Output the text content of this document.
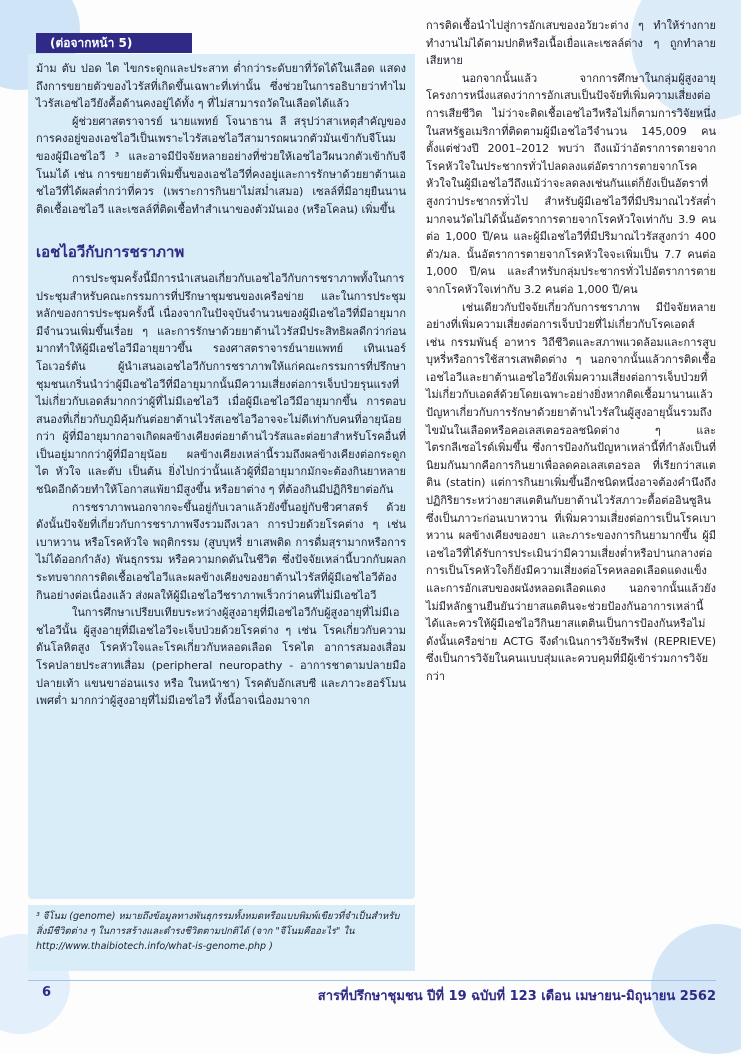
(ต่อจากหน้า 5)

ม้าม ตับ ปอด ไต ไขกระดูกและประสาท ต่ำกว่าระดับยาที่วัดได้ในเลือด แสดงถึงการขยายตัวของไวรัสที่เกิดขึ้นเฉพาะที่เท่านั้น ซึ่งช่วยในการอธิบายว่าทำไมไวรัสเอชไอวียังคื้อด้านคงอยู่ได้ทั้ง ๆ ที่ไม่สามารถวัดในเลือดได้แล้ว

ผู้ช่วยศาสตราจารย์ นายแพทย์ โจนาธาน ลี สรุปว่าสาเหตุสำคัญของการคงอยู่ของเอชไอวีเป็นเพราะไวรัสเอชไอวีสามารถผนวกตัวมันเข้ากับจีโนมของผู้มีเอชไอวี ³ และอาจมีปัจจัยหลายอย่างที่ช่วยให้เอชไอวีผนวกตัวเข้ากับจีโนมได้ เช่น การขยายตัวเพิ่มขึ้นของเอชไอวีที่คงอยู่และการรักษาด้วยยาต้านเอชไอวีที่ได้ผลต่ำกว่าที่ควร (เพราะการกินยาไม่สม่ำเสมอ) เซลล์ที่มีอายุยืนนานติดเชื้อเอชไอวี และเซลล์ที่ติดเชื้อทำสำเนาของตัวมันเอง (หรือโคลน) เพิ่มขึ้น

เอชไอวีกับการชราภาพ

การประชุมครั้งนี้มีการนำเสนอเกี่ยวกับเอชไอวีกับการชราภาพทั้งในการประชุมสำหรับคณะกรรมการที่ปรึกษาชุมชนของเครือข่าย และในการประชุมหลักของการประชุมครั้งนี้ เนื่องจากในปัจจุบันจำนวนของผู้มีเอชไอวีที่มีอายุมากมีจำนวนเพิ่มขึ้นเรื่อย ๆ และการรักษาด้วยยาต้านไวรัสมีประสิทธิผลดีกว่าก่อนมากทำให้ผู้มีเอชไอวีมีอายุยาวขึ้น รองศาสตราจารย์นายแพทย์ เทินเนอร์ โอเวอร์ตัน ผู้นำเสนอเอชไอวีกับการชราภาพให้แก่คณะกรรมการที่ปรึกษาชุมชนเกริ่นนำว่าผู้มีเอชไอวีที่มีอายุมากนั้นมีความเสี่ยงต่อการเจ็บป่วยรุนแรงที่ไม่เกี่ยวกับเอดส์มากกว่าผู้ที่ไม่มีเอชไอวี เมื่อผู้มีเอชไอวีมีอายุมากขึ้น การตอบสนองที่เกี่ยวกับภูมิคุ้มกันต่อยาต้านไวรัสเอชไอวีอาจจะไม่ดีเท่ากับคนที่อายุน้อยกว่า ผู้ที่มีอายุมากอาจเกิดผลข้างเคียงต่อยาต้านไวรัสและต่อยาสำหรับโรคอื่นที่เป็นอยู่มากกว่าผู้ที่มีอายุน้อย ผลข้างเคียงเหล่านี้รวมถึงผลข้างเคียงต่อกระดูก ไต หัวใจ และตับ เป็นต้น ยิ่งไปกว่านั้นแล้วผู้ที่มีอายุมากมักจะต้องกินยาหลายชนิดอีกด้วยทำให้โอกาสแพ้ยามีสูงขึ้น หรือยาต่าง ๆ ที่ต้องกินมีปฏิกิริยาต่อกัน

การชราภาพนอกจากจะขึ้นอยู่กับเวลาแล้วยังขึ้นอยู่กับชีวศาสตร์ ด้วย ดังนั้นปัจจัยที่เกี่ยวกับการชราภาพจึงรวมถึงเวลา การป่วยด้วยโรคต่าง ๆ เช่น เบาหวาน หรือโรคหัวใจ พฤติกรรม (สูบบุหรี่ ยาเสพติด การดื่มสุรามากหรือการไม่ได้ออกกำลัง) พันธุกรรม หรือความกดดันในชีวิต ซึ่งปัจจัยเหล่านี้บวกกับผลกระทบจากการติดเชื้อเอชไอวีและผลข้างเคียงของยาต้านไวรัสที่ผู้มีเอชไอวีต้องกินอย่างต่อเนื่องแล้ว ส่งผลให้ผู้มีเอชไอวีชราภาพเร็วกว่าคนที่ไม่มีเอชไอวี

ในการศึกษาเปรียบเทียบระหว่างผู้สูงอายุที่มีเอชไอวีกับผู้สูงอายุที่ไม่มีเอชไอวีนั้น ผู้สูงอายุที่มีเอชไอวีจะเจ็บป่วยด้วยโรคต่าง ๆ เช่น โรคเกี่ยวกับความดันโลหิตสูง โรคหัวใจและโรคเกี่ยวกับหลอดเลือด โรคไต อาการสมองเสื่อม โรคปลายประสาทเสื่อม (peripheral neuropathy - อาการชาตามปลายมือ ปลายเท้า แขนขาอ่อนแรง หรือ ในหน้าชา) โรคตับอักเสบซี และภาวะฮอร์โมนเพศต่ำ มากกว่าผู้สูงอายุที่ไม่มีเอชไอวี ทั้งนี้อาจเนื่องมาจาก

การติดเชื้อนำไปสู่การอักเสบของอวัยวะต่าง ๆ ทำให้ร่างกายทำงานไม่ได้ตามปกติหรือเนื้อเยื่อและเซลล์ต่าง ๆ ถูกทำลายเสียหาย

นอกจากนั้นแล้ว จากการศึกษาในกลุ่มผู้สูงอายุโครงการหนึ่งแสดงว่าการอักเสบเป็นปัจจัยที่เพิ่มความเสี่ยงต่อการเสียชีวิต ไม่ว่าจะติดเชื้อเอชไอวีหรือไม่ก็ตามการวิจัยหนึ่งในสหรัฐอเมริกาที่ติดตามผู้มีเอชไอวีจำนวน 145,009 คน ตั้งแต่ช่วงปี 2001–2012 พบว่า ถึงแม้ว่าอัตราการตายจากโรคหัวใจในประชากรทั่วไปลดลงแต่อัตราการตายจากโรคหัวใจในผู้มีเอชไอวีถึงแม้ว่าจะลดลงเช่นกันแต่ก็ยังเป็นอัตราที่สูงกว่าประชากรทั่วไป สำหรับผู้มีเอชไอวีที่มีปริมาณไวรัสต่ำมากจนวัดไม่ได้นั้นอัตราการตายจากโรคหัวใจเท่ากับ 3.9 คนต่อ 1,000 ปี/คน และผู้มีเอชไอวีที่มีปริมาณไวรัสสูงกว่า 400 ตัว/มล. นั้นอัตราการตายจากโรคหัวใจจะเพิ่มเป็น 7.7 คนต่อ 1,000 ปี/คน และสำหรับกลุ่มประชากรทั่วไปอัตราการตายจากโรคหัวใจเท่ากับ 3.2 คนต่อ 1,000 ปี/คน

เช่นเดียวกับปัจจัยเกี่ยวกับการชราภาพ มีปัจจัยหลายอย่างที่เพิ่มความเสี่ยงต่อการเจ็บป่วยที่ไม่เกี่ยวกับโรคเอดส์ เช่น กรรมพันธุ์ อาหาร วิถีชีวิตและสภาพแวดล้อมและการสูบบุหรี่หรือการใช้สารเสพติดต่าง ๆ นอกจากนั้นแล้วการติดเชื้อเอชไอวีและยาต้านเอชไอวียังเพิ่มความเสี่ยงต่อการเจ็บป่วยที่ไม่เกี่ยวกับเอดส์ด้วยโดยเฉพาะอย่างยิ่งหากติดเชื้อมานานแล้ว ปัญหาเกี่ยวกับการรักษาด้วยยาต้านไวรัสในผู้สูงอายุนั้นรวมถึงไขมันในเลือดหรือคอเลสเตอรอลชนิดต่าง ๆ และไตรกลีเซอไรด์เพิ่มขึ้น ซึ่งการป้องกันปัญหาเหล่านี้ที่กำลังเป็นที่นิยมกันมากคือการกินยาเพื่อลดคอเลสเตอรอล ที่เรียกว่าสแตติน (statin) แต่การกินยาเพิ่มขึ้นอีกชนิดหนึ่งอาจต้องคำนึงถึงปฏิกิริยาระหว่างยาสแตตินกับยาต้านไวรัสภาวะดื้อต่ออินซูลินซึ่งเป็นภาวะก่อนเบาหวาน ที่เพิ่มความเสี่ยงต่อการเป็นโรคเบาหวาน ผลข้างเคียงของยา และภาระของการกินยามากขึ้น ผู้มีเอชไอวีที่ได้รับการประเมินว่ามีความเสี่ยงต่ำหรือปานกลางต่อการเป็นโรคหัวใจก็ยังมีความเสี่ยงต่อโรคหลอดเลือดแดงแข็งและการอักเสบของผนังหลอดเลือดแดง นอกจากนั้นแล้วยังไม่มีหลักฐานยืนยันว่ายาสแตตินจะช่วยป้องกันอาการเหล่านี้ได้และควรให้ผู้มีเอชไอวีกินยาสแตตินเป็นการป้องกันหรือไม่ ดังนั้นเครือข่าย ACTG จึงดำเนินการวิจัยรีพรีฟ (REPRIEVE) ซึ่งเป็นการวิจัยในคนแบบสุ่มและควบคุมที่มีผู้เข้าร่วมการวิจัยกว่า

³ จีโนม (genome) หมายถึงข้อมูลทางพันธุกรรมทั้งหมดหรือแบบพิมพ์เขียวที่จำเป็นสำหรับสิ่งมีชีวิตต่าง ๆ ในการสร้างและดำรงชีวิตตามปกติได้ (จาก "จีโนมคืออะไร" ใน http://www.thaibiotech.info/what-is-genome.php )
6	สารที่ปรึกษาชุมชน ปีที่ 19 ฉบับที่ 123 เดือน เมษายน-มิถุนายน 2562
